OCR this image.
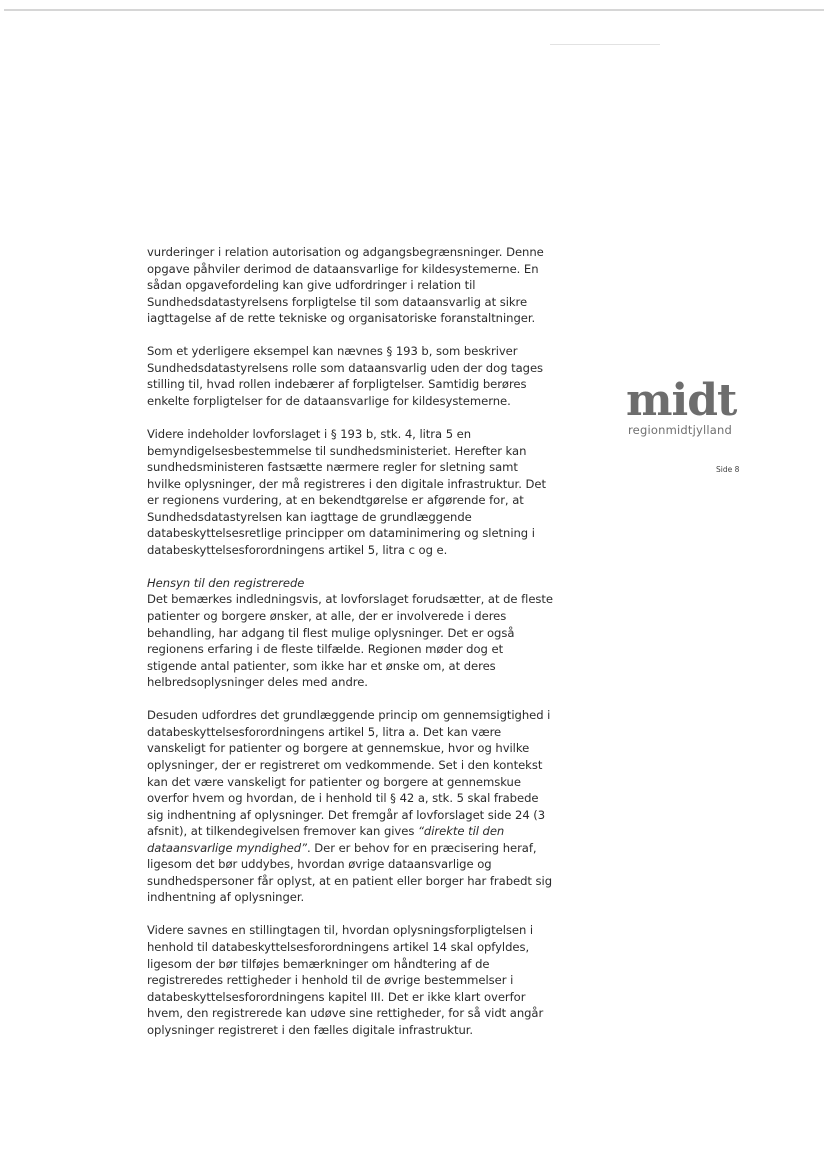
vurderinger i relation autorisation og adgangsbegrænsninger. Denne
opgave påhviler derimod de dataansvarlige for kildesystemerne. En
sådan opgavefordeling kan give udfordringer i relation til
Sundhedsdatastyrelsens forpligtelse til som dataansvarlig at sikre
iagttagelse af de rette tekniske og organisatoriske foranstaltninger.
Som et yderligere eksempel kan nævnes § 193 b, som beskriver
Sundhedsdatastyrelsens rolle som dataansvarlig uden der dog tages
stilling til, hvad rollen indebærer af forpligtelser. Samtidig berøres
enkelte forpligtelser for de dataansvarlige for kildesystemerne.
Videre indeholder lovforslaget i § 193 b, stk. 4, litra 5 en
bemyndigelsesbestemmelse til sundhedsministeriet. Herefter kan
sundhedsministeren fastsætte nærmere regler for sletning samt
hvilke oplysninger, der må registreres i den digitale infrastruktur. Det
er regionens vurdering, at en bekendtgørelse er afgørende for, at
Sundhedsdatastyrelsen kan iagttage de grundlæggende
databeskyttelsesretlige principper om dataminimering og sletning i
databeskyttelsesforordningens artikel 5, litra c og e.
Hensyn til den registrerede
Det bemærkes indledningsvis, at lovforslaget forudsætter, at de fleste
patienter og borgere ønsker, at alle, der er involverede i deres
behandling, har adgang til flest mulige oplysninger. Det er også
regionens erfaring i de fleste tilfælde. Regionen møder dog et
stigende antal patienter, som ikke har et ønske om, at deres
helbredsoplysninger deles med andre.
Desuden udfordres det grundlæggende princip om gennemsigtighed i
databeskyttelsesforordningens artikel 5, litra a. Det kan være
vanskeligt for patienter og borgere at gennemskue, hvor og hvilke
oplysninger, der er registreret om vedkommende. Set i den kontekst
kan det være vanskeligt for patienter og borgere at gennemskue
overfor hvem og hvordan, de i henhold til § 42 a, stk. 5 skal frabede
sig indhentning af oplysninger. Det fremgår af lovforslaget side 24 (3
afsnit), at tilkendegivelsen fremover kan gives “direkte til den
dataansvarlige myndighed”. Der er behov for en præcisering heraf,
ligesom det bør uddybes, hvordan øvrige dataansvarlige og
sundhedspersoner får oplyst, at en patient eller borger har frabedt sig
indhentning af oplysninger.
Videre savnes en stillingtagen til, hvordan oplysningsforpligtelsen i
henhold til databeskyttelsesforordningens artikel 14 skal opfyldes,
ligesom der bør tilføjes bemærkninger om håndtering af de
registreredes rettigheder i henhold til de øvrige bestemmelser i
databeskyttelsesforordningens kapitel III. Det er ikke klart overfor
hvem, den registrerede kan udøve sine rettigheder, for så vidt angår
oplysninger registreret i den fælles digitale infrastruktur.
midt
regionmidtjylland
Side 8
